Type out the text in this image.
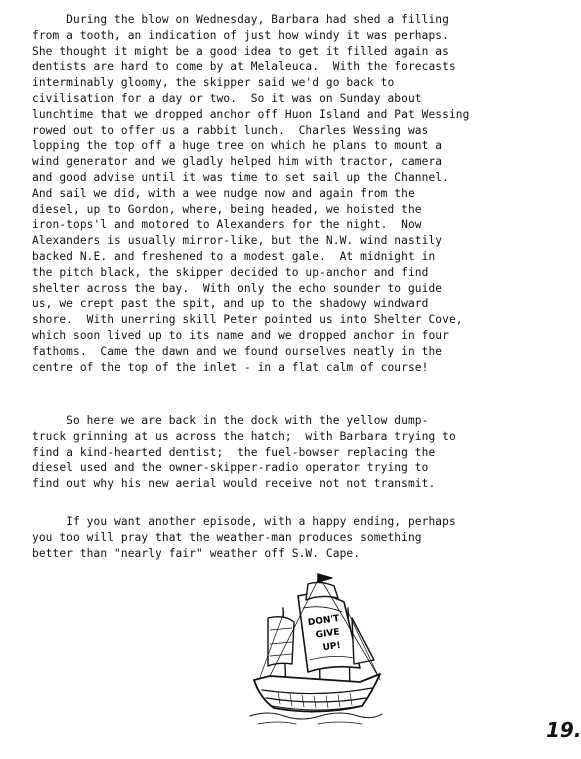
During the blow on Wednesday, Barbara had shed a filling
from a tooth, an indication of just how windy it was perhaps.
She thought it might be a good idea to get it filled again as
dentists are hard to come by at Melaleuca.  With the forecasts
interminably gloomy, the skipper said we'd go back to
civilisation for a day or two.  So it was on Sunday about
lunchtime that we dropped anchor off Huon Island and Pat Wessing
rowed out to offer us a rabbit lunch.  Charles Wessing was
lopping the top off a huge tree on which he plans to mount a
wind generator and we gladly helped him with tractor, camera
and good advise until it was time to set sail up the Channel.
And sail we did, with a wee nudge now and again from the
diesel, up to Gordon, where, being headed, we hoisted the
iron-tops'l and motored to Alexanders for the night.  Now
Alexanders is usually mirror-like, but the N.W. wind nastily
backed N.E. and freshened to a modest gale.  At midnight in
the pitch black, the skipper decided to up-anchor and find
shelter across the bay.  With only the echo sounder to guide
us, we crept past the spit, and up to the shadowy windward
shore.  With unerring skill Peter pointed us into Shelter Cove,
which soon lived up to its name and we dropped anchor in four
fathoms.  Came the dawn and we found ourselves neatly in the
centre of the top of the inlet - in a flat calm of course!
So here we are back in the dock with the yellow dump-
truck grinning at us across the hatch;  with Barbara trying to
find a kind-hearted dentist;  the fuel-bowser replacing the
diesel used and the owner-skipper-radio operator trying to
find out why his new aerial would receive not not transmit.
If you want another episode, with a happy ending, perhaps
you too will pray that the weather-man produces something
better than "nearly fair" weather off S.W. Cape.
DON'T
GIVE
UP!
19.
